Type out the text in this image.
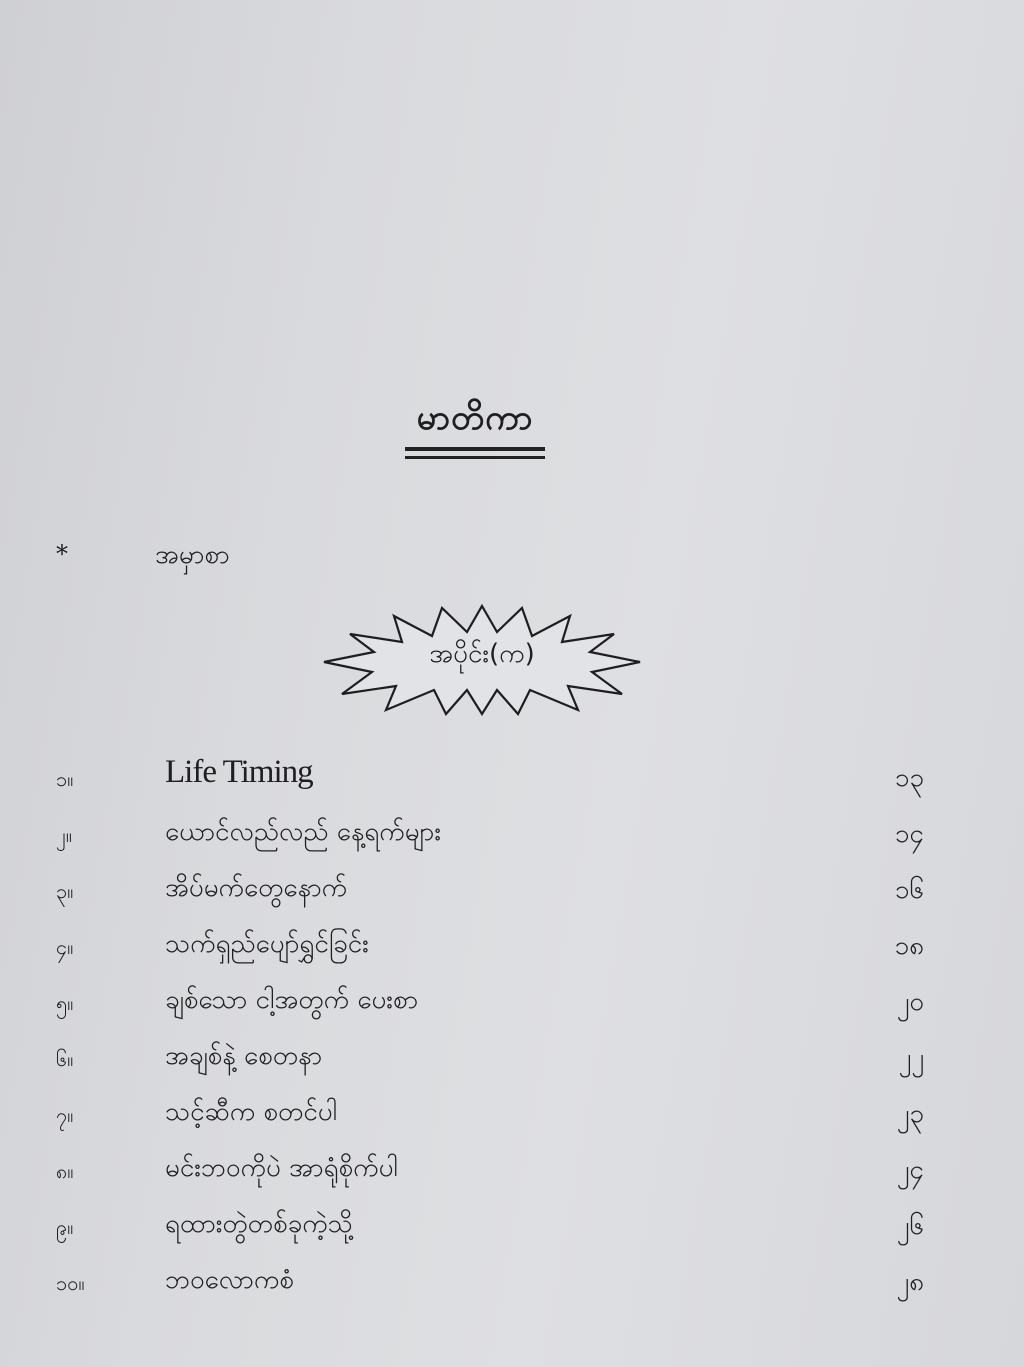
မာတိကာ
*	အမှာစာ
အပိုင်း(က)
၁။	Life Timing	၁၃
၂။	ယောင်လည်လည် နေ့ရက်များ	၁၄
၃။	အိပ်မက်တွေနောက်	၁၆
၄။	သက်ရှည်ပျော်ရွှင်ခြင်း	၁၈
၅။	ချစ်သော ငါ့အတွက် ပေးစာ	၂၀
၆။	အချစ်နဲ့ စေတနာ	၂၂
၇။	သင့်ဆီက စတင်ပါ	၂၃
၈။	မင်းဘဝကိုပဲ အာရုံစိုက်ပါ	၂၄
၉။	ရထားတွဲတစ်ခုကဲ့သို့	၂၆
၁၀။	ဘဝလောကစံ	၂၈
